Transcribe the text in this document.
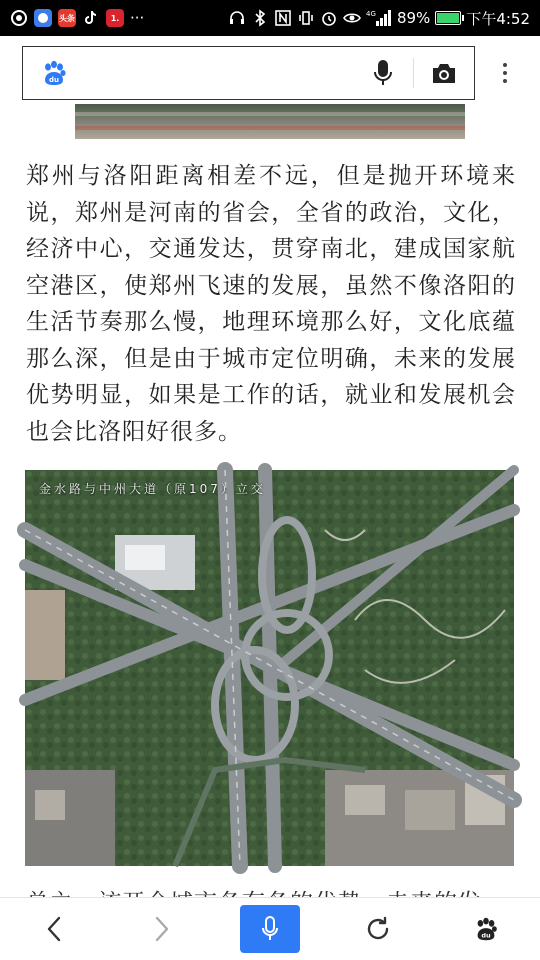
头条	1. ···	4G 89% 下午4:52
du

郑州与洛阳距离相差不远，但是抛开环境来说，郑州是河南的省会，全省的政治，文化，经济中心，交通发达，贯穿南北，建成国家航空港区，使郑州飞速的发展，虽然不像洛阳的生活节奏那么慢，地理环境那么好，文化底蕴那么深，但是由于城市定位明确，未来的发展优势明显，如果是工作的话，就业和发展机会也会比洛阳好很多。

金水路与中州大道（原107）立交
du
